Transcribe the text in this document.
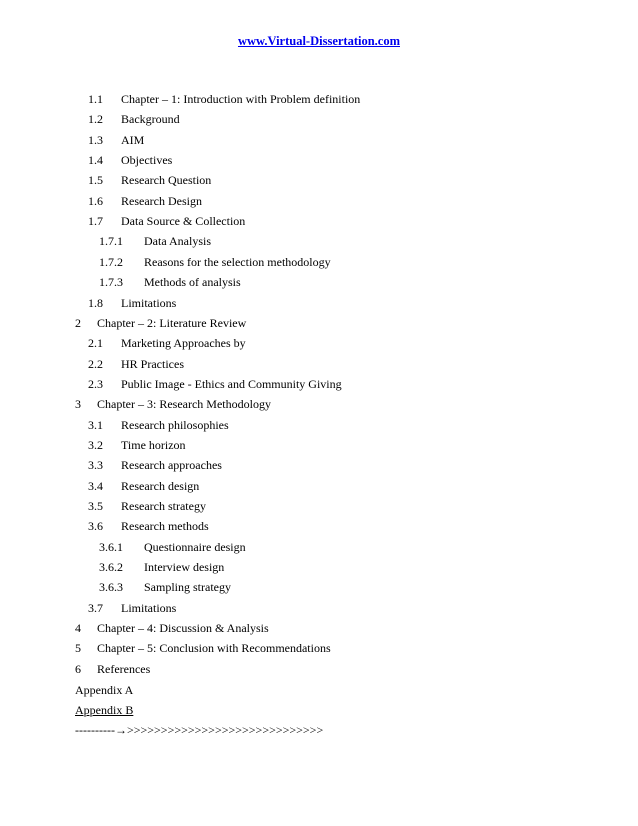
www.Virtual-Dissertation.com
1.1 Chapter – 1: Introduction with Problem definition
1.2 Background
1.3 AIM
1.4 Objectives
1.5 Research Question
1.6 Research Design
1.7 Data Source & Collection
1.7.1 Data Analysis
1.7.2 Reasons for the selection methodology
1.7.3 Methods of analysis
1.8 Limitations
2 Chapter – 2: Literature Review
2.1 Marketing Approaches by
2.2 HR Practices
2.3 Public Image - Ethics and Community Giving
3 Chapter – 3: Research Methodology
3.1 Research philosophies
3.2 Time horizon
3.3 Research approaches
3.4 Research design
3.5 Research strategy
3.6 Research methods
3.6.1 Questionnaire design
3.6.2 Interview design
3.6.3 Sampling strategy
3.7 Limitations
4 Chapter – 4: Discussion & Analysis
5 Chapter – 5: Conclusion with Recommendations
6 References
Appendix A
Appendix B
----------→>>>>>>>>>>>>>>>>>>>>>>>>>>>>>
